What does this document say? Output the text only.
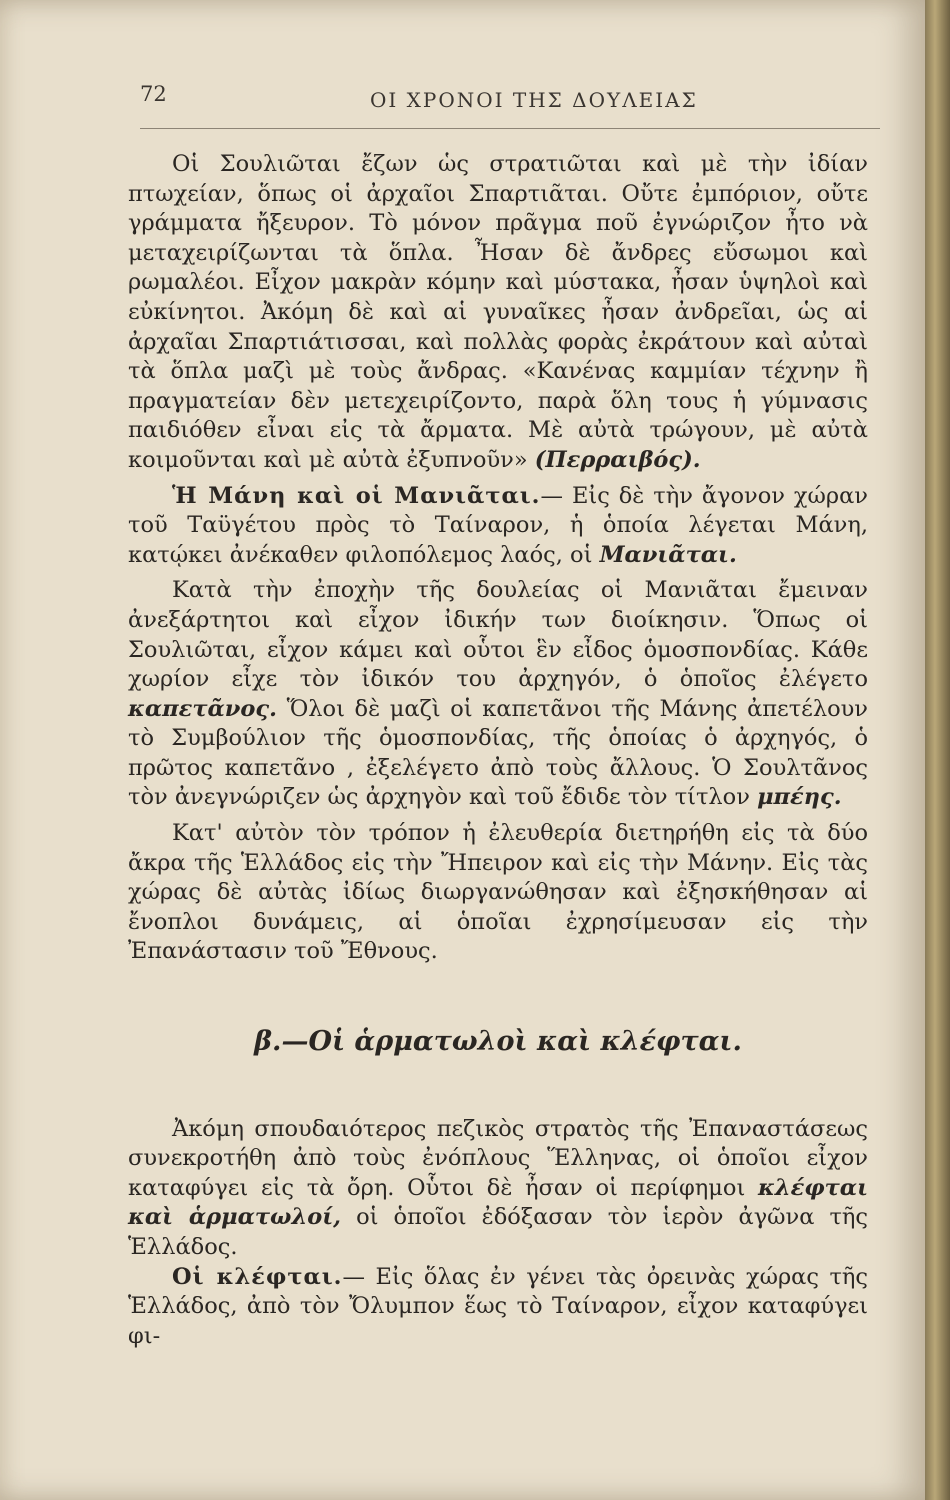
72	ΟΙ ΧΡΟΝΟΙ ΤΗΣ ΔΟΥΛΕΙΑΣ

Οἱ Σουλιῶται ἔζων ὡς στρατιῶται καὶ μὲ τὴν ἰδίαν πτωχείαν, ὅπως οἱ ἀρχαῖοι Σπαρτιᾶται. Οὔτε ἐμπόριον, οὔτε γράμματα ἤξευρον. Τὸ μόνον πρᾶγμα ποῦ ἐγνώριζον ἦτο νὰ μεταχειρίζωνται τὰ ὅπλα. Ἦσαν δὲ ἄνδρες εὔσωμοι καὶ ρωμαλέοι. Εἶχον μακρὰν κόμην καὶ μύστακα, ἦσαν ὑψηλοὶ καὶ εὐκίνητοι. Ἀκόμη δὲ καὶ αἱ γυναῖκες ἦσαν ἀνδρεῖαι, ὡς αἱ ἀρχαῖαι Σπαρτιάτισσαι, καὶ πολλὰς φορὰς ἐκράτουν καὶ αὐταὶ τὰ ὅπλα μαζὶ μὲ τοὺς ἄνδρας. «Κανένας καμμίαν τέχνην ἢ πραγματείαν δὲν μετεχειρίζοντο, παρὰ ὅλη τους ἡ γύμνασις παιδιόθεν εἶναι εἰς τὰ ἄρματα. Μὲ αὐτὰ τρώγουν, μὲ αὐτὰ κοιμοῦνται καὶ μὲ αὐτὰ ἐξυπνοῦν» (Περραιβός).

Ἡ Μάνη καὶ οἱ Μανιᾶται.— Εἰς δὲ τὴν ἄγονον χώραν τοῦ Ταϋγέτου πρὸς τὸ Ταίναρον, ἡ ὁποία λέγεται Μάνη, κατῴκει ἀνέκαθεν φιλοπόλεμος λαός, οἱ Μανιᾶται.

Κατὰ τὴν ἐποχὴν τῆς δουλείας οἱ Μανιᾶται ἔμειναν ἀνεξάρτητοι καὶ εἶχον ἰδικήν των διοίκησιν. Ὅπως οἱ Σουλιῶται, εἶχον κάμει καὶ οὗτοι ἓν εἶδος ὁμοσπονδίας. Κάθε χωρίον εἶχε τὸν ἰδικόν του ἀρχηγόν, ὁ ὁποῖος ἐλέγετο καπετᾶνος. Ὅλοι δὲ μαζὶ οἱ καπετᾶνοι τῆς Μάνης ἀπετέλουν τὸ Συμβούλιον τῆς ὁμοσπονδίας, τῆς ὁποίας ὁ ἀρχηγός, ὁ πρῶτος καπετᾶνο , ἐξελέγετο ἀπὸ τοὺς ἄλλους. Ὁ Σουλτᾶνος τὸν ἀνεγνώριζεν ὡς ἀρχηγὸν καὶ τοῦ ἔδιδε τὸν τίτλον μπέης.

Κατ' αὐτὸν τὸν τρόπον ἡ ἐλευθερία διετηρήθη εἰς τὰ δύο ἄκρα τῆς Ἑλλάδος εἰς τὴν Ἤπειρον καὶ εἰς τὴν Μάνην. Εἰς τὰς χώρας δὲ αὐτὰς ἰδίως διωργανώθησαν καὶ ἐξησκήθησαν αἱ ἔνοπλοι δυνάμεις, αἱ ὁποῖαι ἐχρησίμευσαν εἰς τὴν Ἐπανάστασιν τοῦ Ἔθνους.

β.—Οἱ ἁρματωλοὶ καὶ κλέφται.

Ἀκόμη σπουδαιότερος πεζικὸς στρατὸς τῆς Ἐπαναστάσεως συνεκροτήθη ἀπὸ τοὺς ἐνόπλους Ἕλληνας, οἱ ὁποῖοι εἶχον καταφύγει εἰς τὰ ὄρη. Οὗτοι δὲ ἦσαν οἱ περίφημοι κλέφται καὶ ἁρματωλοί, οἱ ὁποῖοι ἐδόξασαν τὸν ἱερὸν ἀγῶνα τῆς Ἑλλάδος.

Οἱ κλέφται.— Εἰς ὅλας ἐν γένει τὰς ὀρεινὰς χώρας τῆς Ἑλλάδος, ἀπὸ τὸν Ὄλυμπον ἕως τὸ Ταίναρον, εἶχον καταφύγει φι-
